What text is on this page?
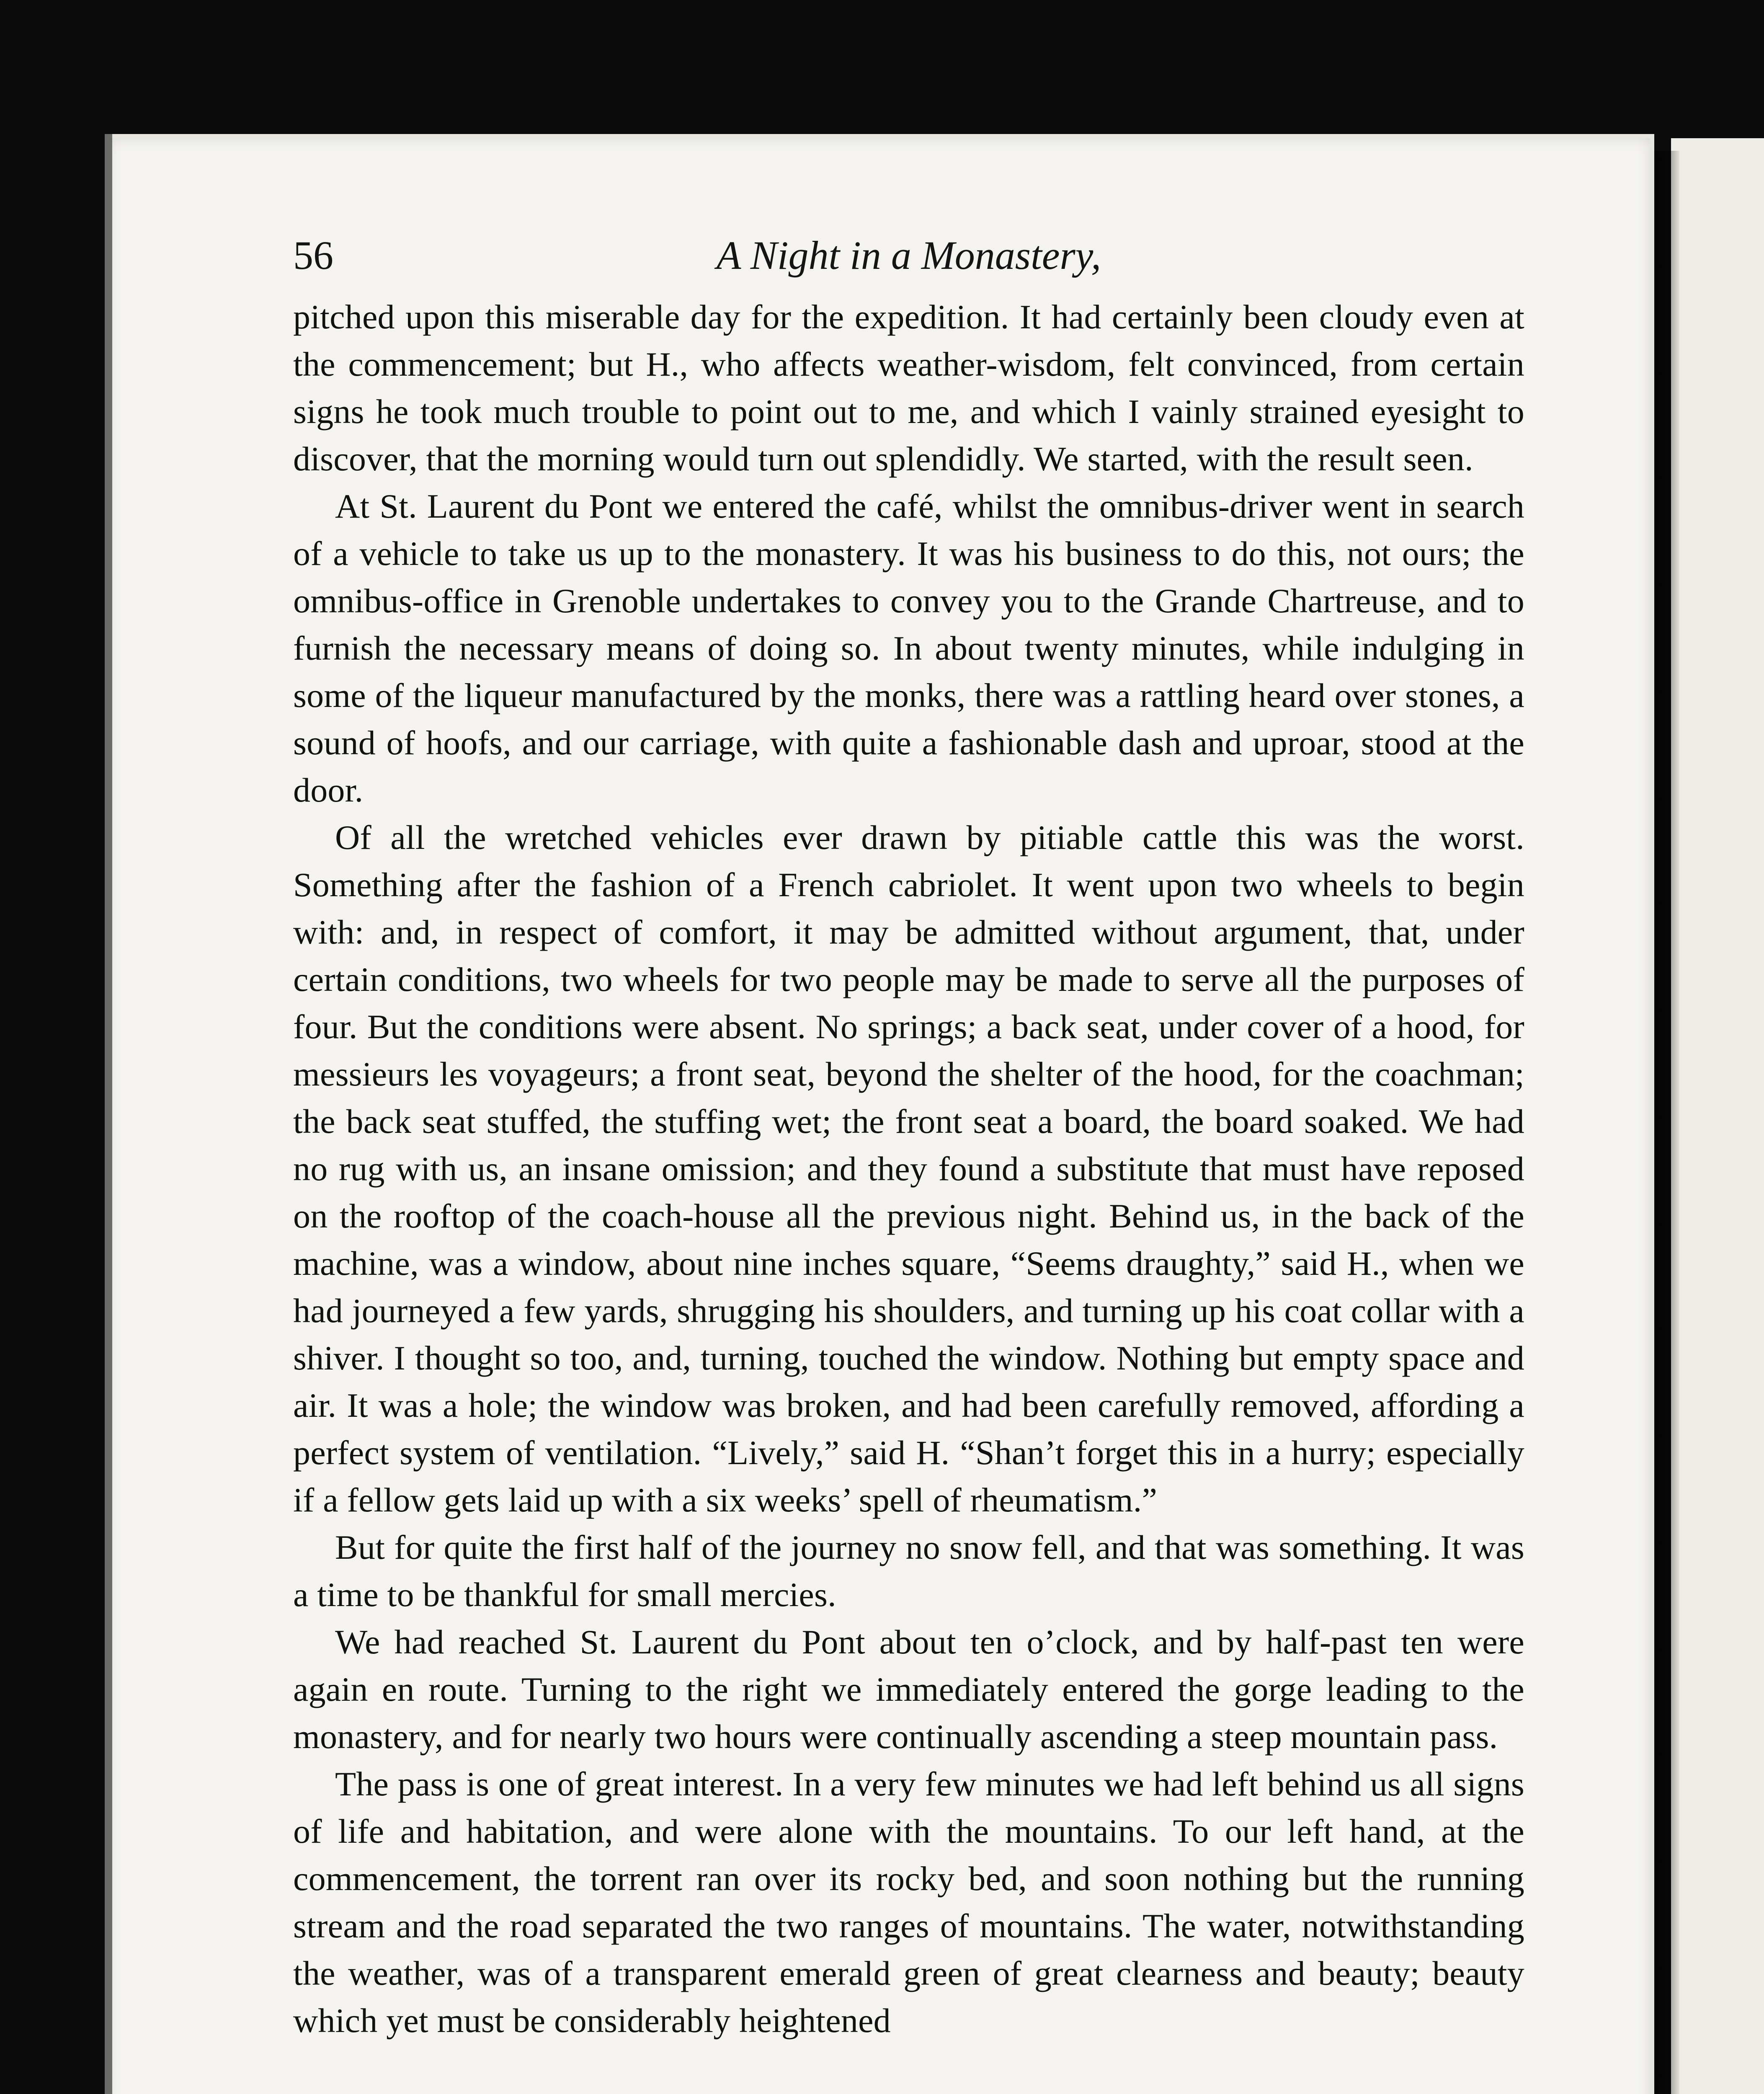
56	A Night in a Monastery,

pitched upon this miserable day for the expedition. It had certainly been cloudy even at the commencement; but H., who affects weather-wisdom, felt convinced, from certain signs he took much trouble to point out to me, and which I vainly strained eyesight to discover, that the morning would turn out splendidly. We started, with the result seen.

At St. Laurent du Pont we entered the café, whilst the omnibus-driver went in search of a vehicle to take us up to the monastery. It was his business to do this, not ours; the omnibus-office in Grenoble undertakes to convey you to the Grande Chartreuse, and to furnish the necessary means of doing so. In about twenty minutes, while indulging in some of the liqueur manufactured by the monks, there was a rattling heard over stones, a sound of hoofs, and our carriage, with quite a fashionable dash and uproar, stood at the door.

Of all the wretched vehicles ever drawn by pitiable cattle this was the worst. Something after the fashion of a French cabriolet. It went upon two wheels to begin with: and, in respect of comfort, it may be admitted without argument, that, under certain conditions, two wheels for two people may be made to serve all the purposes of four. But the conditions were absent. No springs; a back seat, under cover of a hood, for messieurs les voyageurs; a front seat, beyond the shelter of the hood, for the coachman; the back seat stuffed, the stuffing wet; the front seat a board, the board soaked. We had no rug with us, an insane omission; and they found a substitute that must have reposed on the rooftop of the coach-house all the previous night. Behind us, in the back of the machine, was a window, about nine inches square, “Seems draughty,” said H., when we had journeyed a few yards, shrugging his shoulders, and turning up his coat collar with a shiver. I thought so too, and, turning, touched the window. Nothing but empty space and air. It was a hole; the window was broken, and had been carefully removed, affording a perfect system of ventilation. “Lively,” said H. “Shan’t forget this in a hurry; especially if a fellow gets laid up with a six weeks’ spell of rheumatism.”

But for quite the first half of the journey no snow fell, and that was something. It was a time to be thankful for small mercies.

We had reached St. Laurent du Pont about ten o’clock, and by half-past ten were again en route. Turning to the right we immediately entered the gorge leading to the monastery, and for nearly two hours were continually ascending a steep mountain pass.

The pass is one of great interest. In a very few minutes we had left behind us all signs of life and habitation, and were alone with the mountains. To our left hand, at the commencement, the torrent ran over its rocky bed, and soon nothing but the running stream and the road separated the two ranges of mountains. The water, notwithstanding the weather, was of a transparent emerald green of great clearness and beauty; beauty which yet must be considerably heightened
